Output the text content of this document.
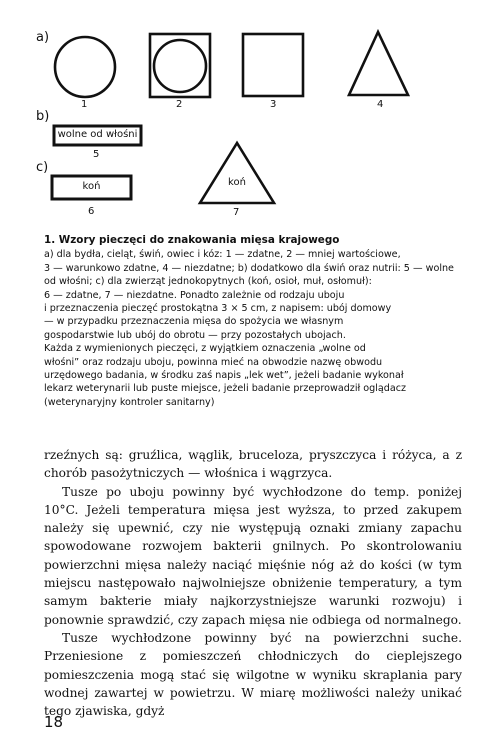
a)
b)
c)
1	2	3	4
wolne od włośni
5
koń
6
koń
7

1. Wzory pieczęci do znakowania mięsa krajowego

a) dla bydła, cieląt, świń, owiec i kóz: 1 — zdatne, 2 — mniej wartościowe,

3 — warunkowo zdatne, 4 — niezdatne; b) dodatkowo dla świń oraz nutrii: 5 — wolne

od włośni; c) dla zwierząt jednokopytnych (koń, osioł, muł, osłomuł):

6 — zdatne, 7 — niezdatne. Ponadto zależnie od rodzaju uboju

i przeznaczenia pieczęć prostokątna 3 × 5 cm, z napisem: ubój domowy

— w przypadku przeznaczenia mięsa do spożycia we własnym

gospodarstwie lub ubój do obrotu — przy pozostałych ubojach.

Każda z wymienionych pieczęci, z wyjątkiem oznaczenia „wolne od

włośni” oraz rodzaju uboju, powinna mieć na obwodzie nazwę obwodu

urzędowego badania, w środku zaś napis „lek wet”, jeżeli badanie wykonał

lekarz weterynarii lub puste miejsce, jeżeli badanie przeprowadził oglądacz

(weterynaryjny kontroler sanitarny)

rzeźnych są: gruźlica, wąglik, bruceloza, pryszczyca i różyca, a z chorób pasożytniczych — włośnica i wągrzyca.

Tusze po uboju powinny być wychłodzone do temp. poniżej 10°C. Jeżeli temperatura mięsa jest wyższa, to przed zakupem należy się upewnić, czy nie występują oznaki zmiany zapachu spowodowane rozwojem bakterii gnilnych. Po skontrolowaniu powierzchni mięsa należy naciąć mięśnie nóg aż do kości (w tym miejscu następowało najwolniejsze obniżenie temperatury, a tym samym bakterie miały najkorzystniejsze warunki rozwoju) i ponownie sprawdzić, czy zapach mięsa nie odbiega od normalnego.

Tusze wychłodzone powinny być na powierzchni suche. Przeniesione z pomieszczeń chłodniczych do cieplejszego pomieszczenia mogą stać się wilgotne w wyniku skraplania pary wodnej zawartej w powietrzu. W miarę możliwości należy unikać tego zjawiska, gdyż

18
